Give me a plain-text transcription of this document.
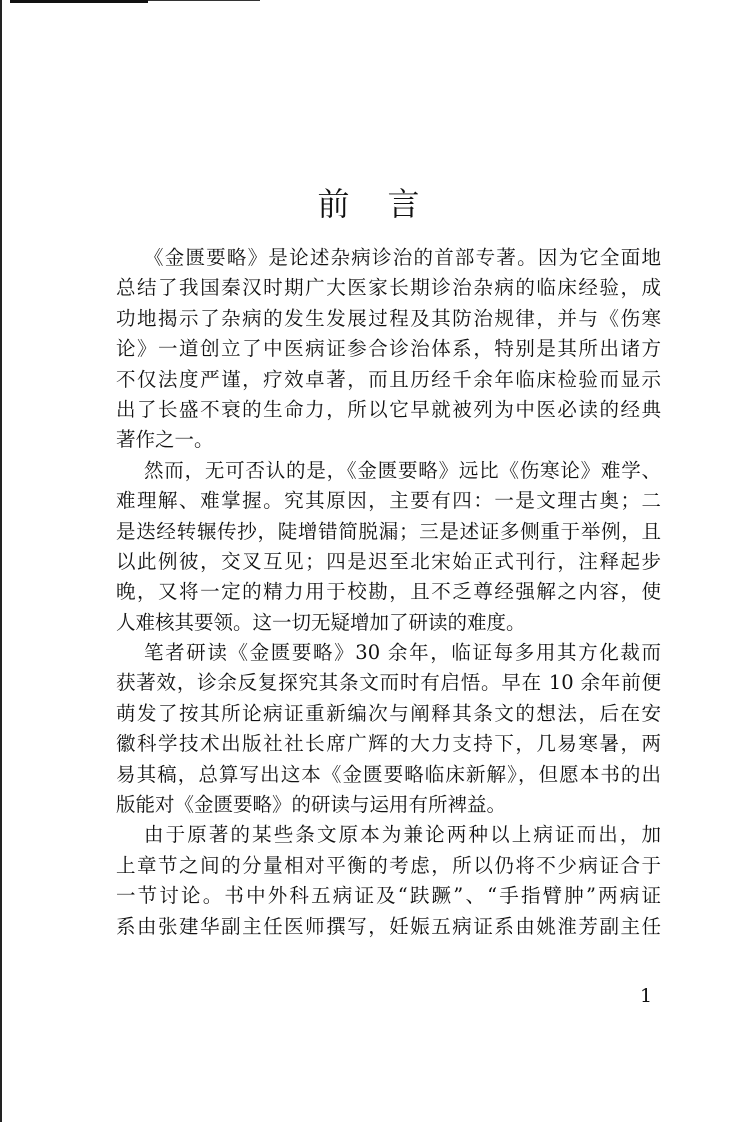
前言
《金匮要略》是论述杂病诊治的首部专著。因为它全面地
总结了我国秦汉时期广大医家长期诊治杂病的临床经验，成
功地揭示了杂病的发生发展过程及其防治规律，并与《伤寒
论》一道创立了中医病证参合诊治体系，特别是其所出诸方
不仅法度严谨，疗效卓著，而且历经千余年临床检验而显示
出了长盛不衰的生命力，所以它早就被列为中医必读的经典
著作之一。
然而，无可否认的是，《金匮要略》远比《伤寒论》难学、
难理解、难掌握。究其原因，主要有四：一是文理古奥；二
是迭经转辗传抄，陡增错简脱漏；三是述证多侧重于举例，且
以此例彼，交叉互见；四是迟至北宋始正式刊行，注释起步
晚，又将一定的精力用于校勘，且不乏尊经强解之内容，使
人难核其要领。这一切无疑增加了研读的难度。
笔者研读《金匮要略》30 余年，临证每多用其方化裁而
获著效，诊余反复探究其条文而时有启悟。早在 10 余年前便
萌发了按其所论病证重新编次与阐释其条文的想法，后在安
徽科学技术出版社社长席广辉的大力支持下，几易寒暑，两
易其稿，总算写出这本《金匮要略临床新解》，但愿本书的出
版能对《金匮要略》的研读与运用有所裨益。
由于原著的某些条文原本为兼论两种以上病证而出，加
上章节之间的分量相对平衡的考虑，所以仍将不少病证合于
一节讨论。书中外科五病证及“趺蹶”、“手指臂肿”两病证
系由张建华副主任医师撰写，妊娠五病证系由姚淮芳副主任
1
